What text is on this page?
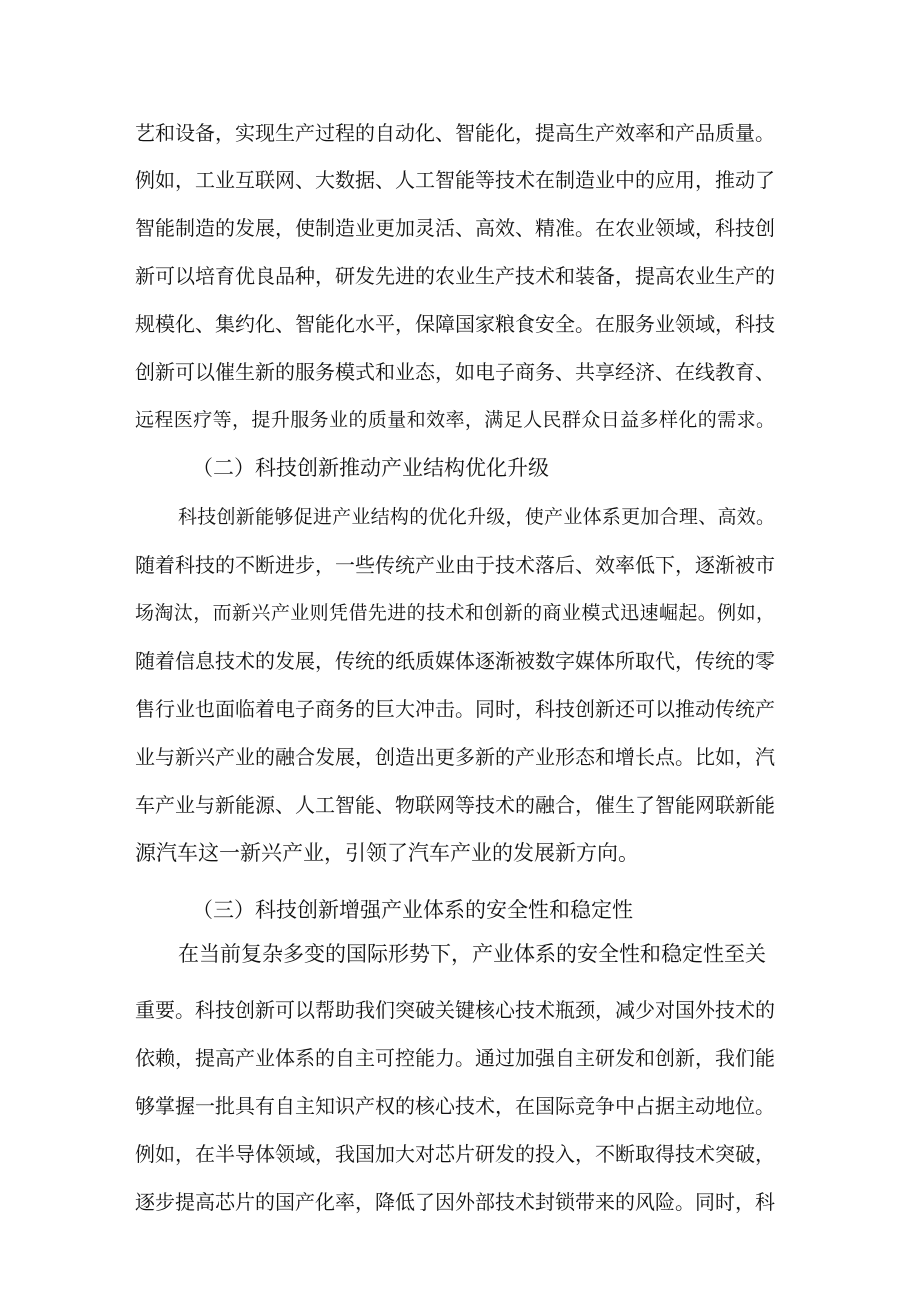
艺和设备，实现生产过程的自动化、智能化，提高生产效率和产品质量。
例如，工业互联网、大数据、人工智能等技术在制造业中的应用，推动了
智能制造的发展，使制造业更加灵活、高效、精准。在农业领域，科技创
新可以培育优良品种，研发先进的农业生产技术和装备，提高农业生产的
规模化、集约化、智能化水平，保障国家粮食安全。在服务业领域，科技
创新可以催生新的服务模式和业态，如电子商务、共享经济、在线教育、
远程医疗等，提升服务业的质量和效率，满足人民群众日益多样化的需求。
（二）科技创新推动产业结构优化升级
科技创新能够促进产业结构的优化升级，使产业体系更加合理、高效。
随着科技的不断进步，一些传统产业由于技术落后、效率低下，逐渐被市
场淘汰，而新兴产业则凭借先进的技术和创新的商业模式迅速崛起。例如，
随着信息技术的发展，传统的纸质媒体逐渐被数字媒体所取代，传统的零
售行业也面临着电子商务的巨大冲击。同时，科技创新还可以推动传统产
业与新兴产业的融合发展，创造出更多新的产业形态和增长点。比如，汽
车产业与新能源、人工智能、物联网等技术的融合，催生了智能网联新能
源汽车这一新兴产业，引领了汽车产业的发展新方向。
（三）科技创新增强产业体系的安全性和稳定性
在当前复杂多变的国际形势下，产业体系的安全性和稳定性至关
重要。科技创新可以帮助我们突破关键核心技术瓶颈，减少对国外技术的
依赖，提高产业体系的自主可控能力。通过加强自主研发和创新，我们能
够掌握一批具有自主知识产权的核心技术，在国际竞争中占据主动地位。
例如，在半导体领域，我国加大对芯片研发的投入，不断取得技术突破，
逐步提高芯片的国产化率，降低了因外部技术封锁带来的风险。同时，科
